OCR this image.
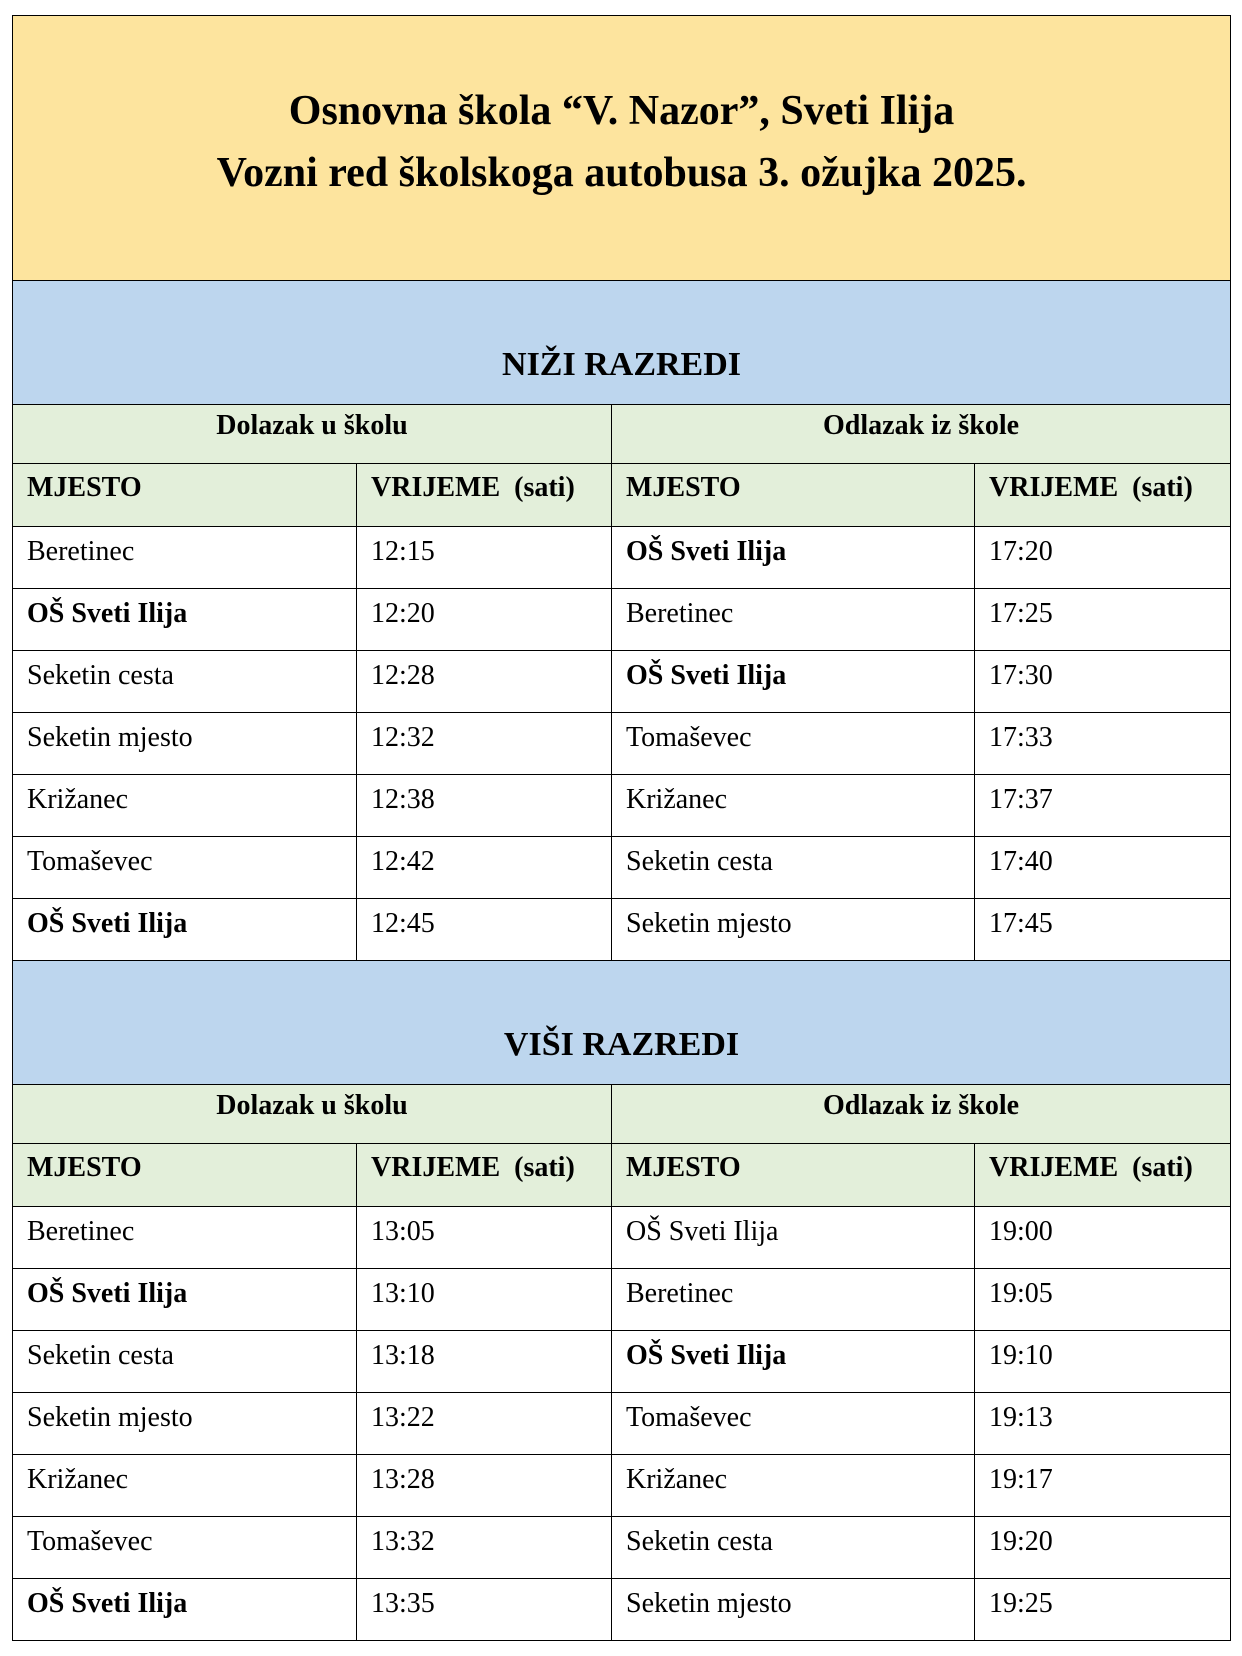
Osnovna škola “V. Nazor”, Sveti Ilija
Vozni red školskoga autobusa 3. ožujka 2025.			

NIŽI RAZREDI			

Dolazak u školu		Odlazak iz škole	

MJESTO	VRIJEME  (sati)	MJESTO	VRIJEME  (sati)

Beretinec	12:15	OŠ Sveti Ilija	17:20

OŠ Sveti Ilija	12:20	Beretinec	17:25

Seketin cesta	12:28	OŠ Sveti Ilija	17:30

Seketin mjesto	12:32	Tomaševec	17:33

Križanec	12:38	Križanec	17:37

Tomaševec	12:42	Seketin cesta	17:40

OŠ Sveti Ilija	12:45	Seketin mjesto	17:45

VIŠI RAZREDI			

Dolazak u školu		Odlazak iz škole	

MJESTO	VRIJEME  (sati)	MJESTO	VRIJEME  (sati)

Beretinec	13:05	OŠ Sveti Ilija	19:00

OŠ Sveti Ilija	13:10	Beretinec	19:05

Seketin cesta	13:18	OŠ Sveti Ilija	19:10

Seketin mjesto	13:22	Tomaševec	19:13

Križanec	13:28	Križanec	19:17

Tomaševec	13:32	Seketin cesta	19:20

OŠ Sveti Ilija	13:35	Seketin mjesto	19:25
